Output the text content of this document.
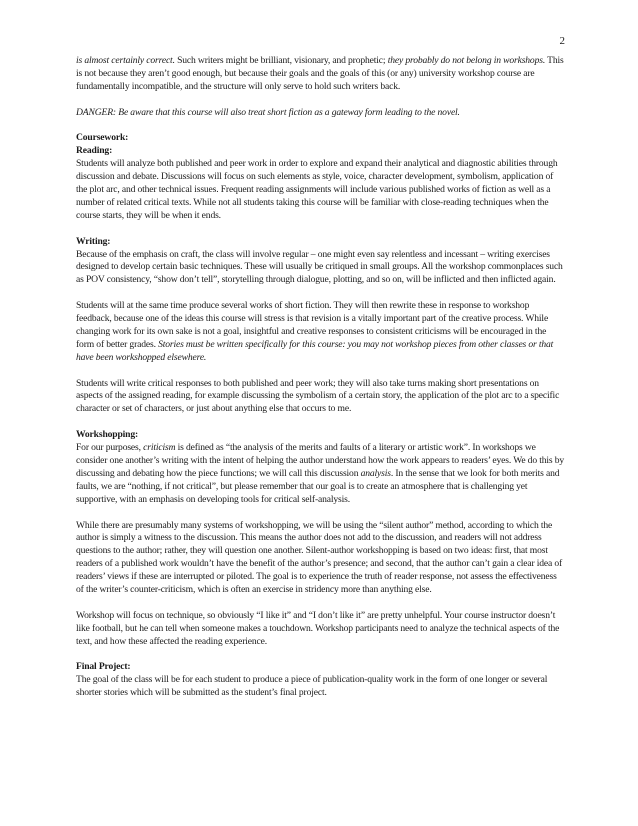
2

is almost certainly correct. Such writers might be brilliant, visionary, and prophetic; they probably do not belong in workshops. This is not because they aren’t good enough, but because their goals and the goals of this (or any) university workshop course are fundamentally incompatible, and the structure will only serve to hold such writers back.

DANGER: Be aware that this course will also treat short fiction as a gateway form leading to the novel.

Coursework:
Reading:
Students will analyze both published and peer work in order to explore and expand their analytical and diagnostic abilities through discussion and debate. Discussions will focus on such elements as style, voice, character development, symbolism, application of the plot arc, and other technical issues. Frequent reading assignments will include various published works of fiction as well as a number of related critical texts. While not all students taking this course will be familiar with close-reading techniques when the course starts, they will be when it ends.

Writing:
Because of the emphasis on craft, the class will involve regular – one might even say relentless and incessant – writing exercises designed to develop certain basic techniques. These will usually be critiqued in small groups. All the workshop commonplaces such as POV consistency, “show don’t tell”, storytelling through dialogue, plotting, and so on, will be inflicted and then inflicted again.

Students will at the same time produce several works of short fiction. They will then rewrite these in response to workshop feedback, because one of the ideas this course will stress is that revision is a vitally important part of the creative process. While changing work for its own sake is not a goal, insightful and creative responses to consistent criticisms will be encouraged in the form of better grades. Stories must be written specifically for this course: you may not workshop pieces from other classes or that have been workshopped elsewhere.

Students will write critical responses to both published and peer work; they will also take turns making short presentations on aspects of the assigned reading, for example discussing the symbolism of a certain story, the application of the plot arc to a specific character or set of characters, or just about anything else that occurs to me.

Workshopping:
For our purposes, criticism is defined as “the analysis of the merits and faults of a literary or artistic work”. In workshops we consider one another’s writing with the intent of helping the author understand how the work appears to readers’ eyes. We do this by discussing and debating how the piece functions; we will call this discussion analysis. In the sense that we look for both merits and faults, we are “nothing, if not critical”, but please remember that our goal is to create an atmosphere that is challenging yet supportive, with an emphasis on developing tools for critical self-analysis.

While there are presumably many systems of workshopping, we will be using the “silent author” method, according to which the author is simply a witness to the discussion. This means the author does not add to the discussion, and readers will not address questions to the author; rather, they will question one another. Silent-author workshopping is based on two ideas: first, that most readers of a published work wouldn’t have the benefit of the author’s presence; and second, that the author can’t gain a clear idea of readers’ views if these are interrupted or piloted. The goal is to experience the truth of reader response, not assess the effectiveness of the writer’s counter-criticism, which is often an exercise in stridency more than anything else.

Workshop will focus on technique, so obviously “I like it” and “I don’t like it” are pretty unhelpful. Your course instructor doesn’t like football, but he can tell when someone makes a touchdown. Workshop participants need to analyze the technical aspects of the text, and how these affected the reading experience.

Final Project:
The goal of the class will be for each student to produce a piece of publication-quality work in the form of one longer or several shorter stories which will be submitted as the student’s final project.
